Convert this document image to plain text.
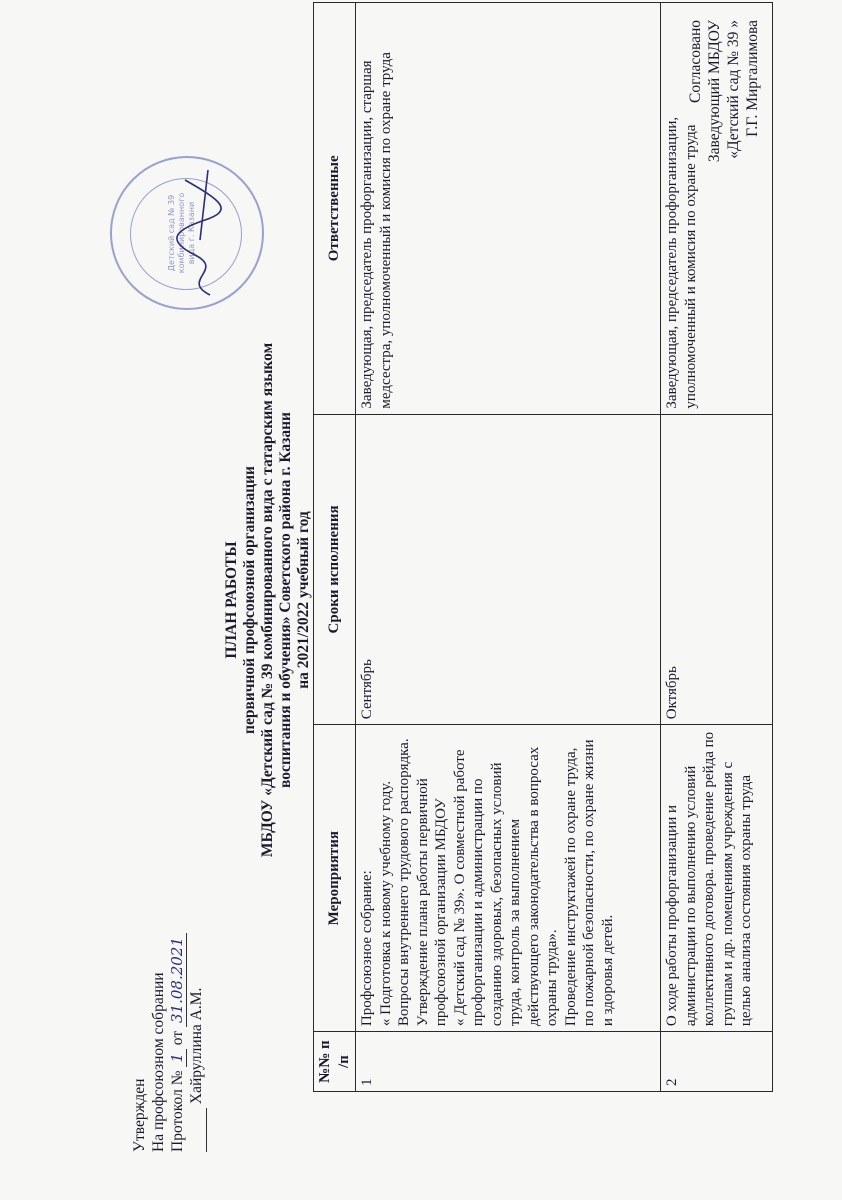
Утвержден На профсоюзном собрании Протокол № 1 от 31.08.2021
Хайруллина А.М.
ПЛАН РАБОТЫ первичной профсоюзной организации МБДОУ «Детский сад № 39 комбинированного вида с татарским языком воспитания и обучения» Советского района г. Казани на 2021/2022 учебный год
Детский сад № 39 комбинированного вида г. Казани
Согласовано Заведующий МБДОУ «Детский сад № 39 » Г.Г. Миргалимова
№№ п /п	Мероприятия	Сроки исполнения	Ответственные
1	Профсоюзное собрание: « Подготовка к новому учебному году. Вопросы внутреннего трудового распорядка. Утверждение плана работы первичной профсоюзной организации МБДОУ « Детский сад № 39». О совместной работе профорганизации и администрации по созданию здоровых, безопасных условий труда, контроль за выполнением действующего законодательства в вопросах охраны труда». Проведение инструктажей по охране труда, по пожарной безопасности, по охране жизни и здоровья детей.	Сентябрь	Заведующая, председатель профорганизации, старшая медсестра, уполномоченный и комисия по охране труда
2	О ходе работы профорганизации и администрации по выполнению условий коллективного договора. проведение рейда по группам и др. помещениям учреждения с целью анализа состояния охраны труда	Октябрь	Заведующая, председатель профорганизации, уполномоченный и комисия по охране труда
